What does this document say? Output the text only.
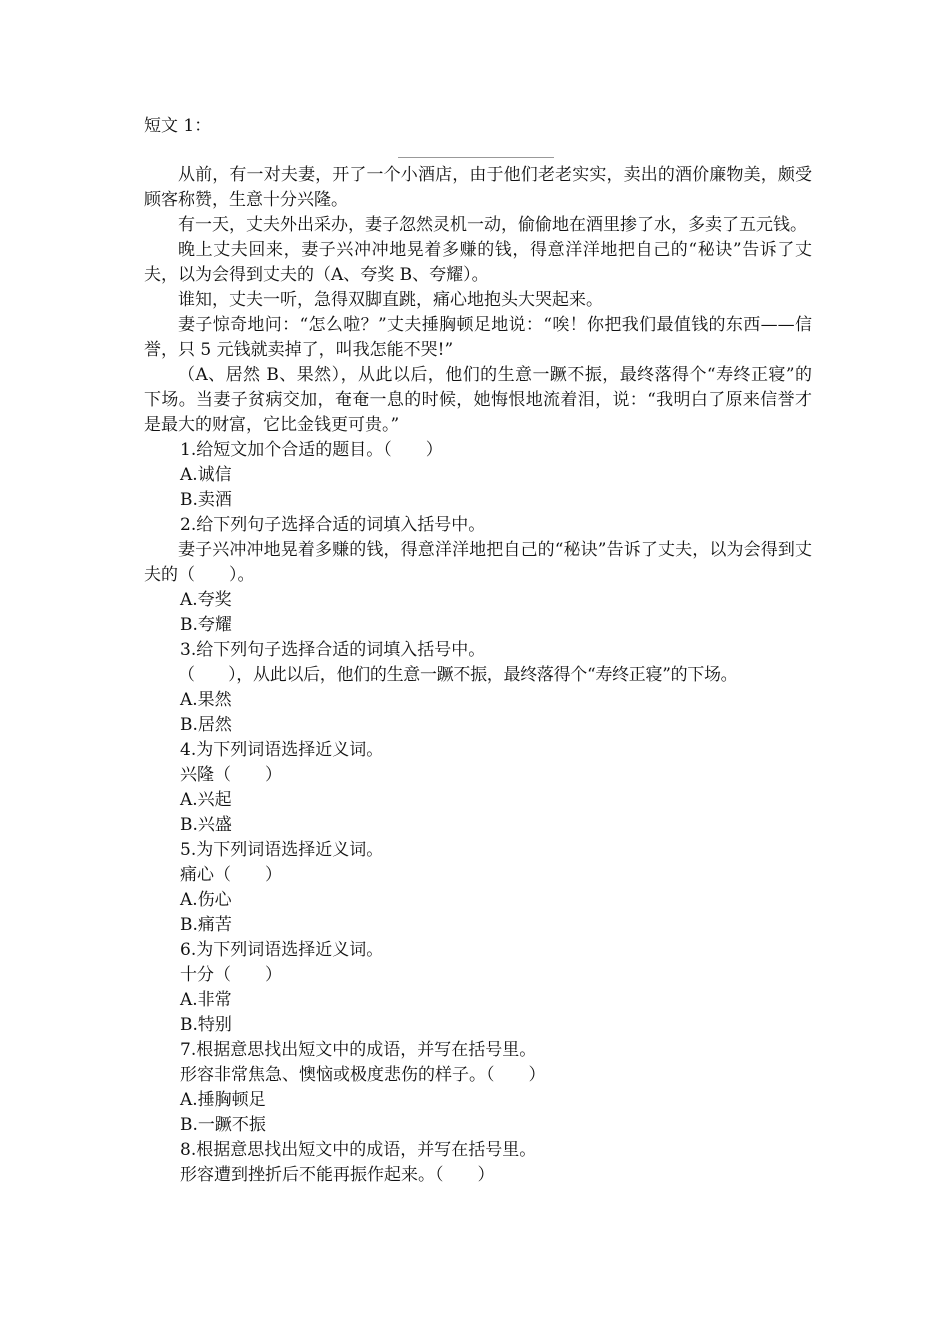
短文 1：

从前，有一对夫妻，开了一个小酒店，由于他们老老实实，卖出的酒价廉物美，颇受顾客称赞，生意十分兴隆。

有一天，丈夫外出采办，妻子忽然灵机一动，偷偷地在酒里掺了水，多卖了五元钱。

晚上丈夫回来，妻子兴冲冲地晃着多赚的钱，得意洋洋地把自己的“秘诀”告诉了丈夫，以为会得到丈夫的（A、夸奖 B、夸耀）。

谁知，丈夫一听，急得双脚直跳，痛心地抱头大哭起来。

妻子惊奇地问：“怎么啦？”丈夫捶胸顿足地说：“唉！你把我们最值钱的东西——信誉，只 5 元钱就卖掉了，叫我怎能不哭!”

（A、居然 B、果然），从此以后，他们的生意一蹶不振，最终落得个“寿终正寝”的下场。当妻子贫病交加，奄奄一息的时候，她悔恨地流着泪，说：“我明白了原来信誉才是最大的财富，它比金钱更可贵。”

1.给短文加个合适的题目。（　　）

A.诚信

B.卖酒

2.给下列句子选择合适的词填入括号中。

妻子兴冲冲地晃着多赚的钱，得意洋洋地把自己的“秘诀”告诉了丈夫，以为会得到丈夫的（　　）。

A.夸奖

B.夸耀

3.给下列句子选择合适的词填入括号中。

（　　），从此以后，他们的生意一蹶不振，最终落得个“寿终正寝”的下场。

A.果然

B.居然

4.为下列词语选择近义词。

兴隆（　　）

A.兴起

B.兴盛

5.为下列词语选择近义词。

痛心（　　）

A.伤心

B.痛苦

6.为下列词语选择近义词。

十分（　　）

A.非常

B.特别

7.根据意思找出短文中的成语，并写在括号里。

形容非常焦急、懊恼或极度悲伤的样子。（　　）

A.捶胸顿足

B.一蹶不振

8.根据意思找出短文中的成语，并写在括号里。

形容遭到挫折后不能再振作起来。（　　）
